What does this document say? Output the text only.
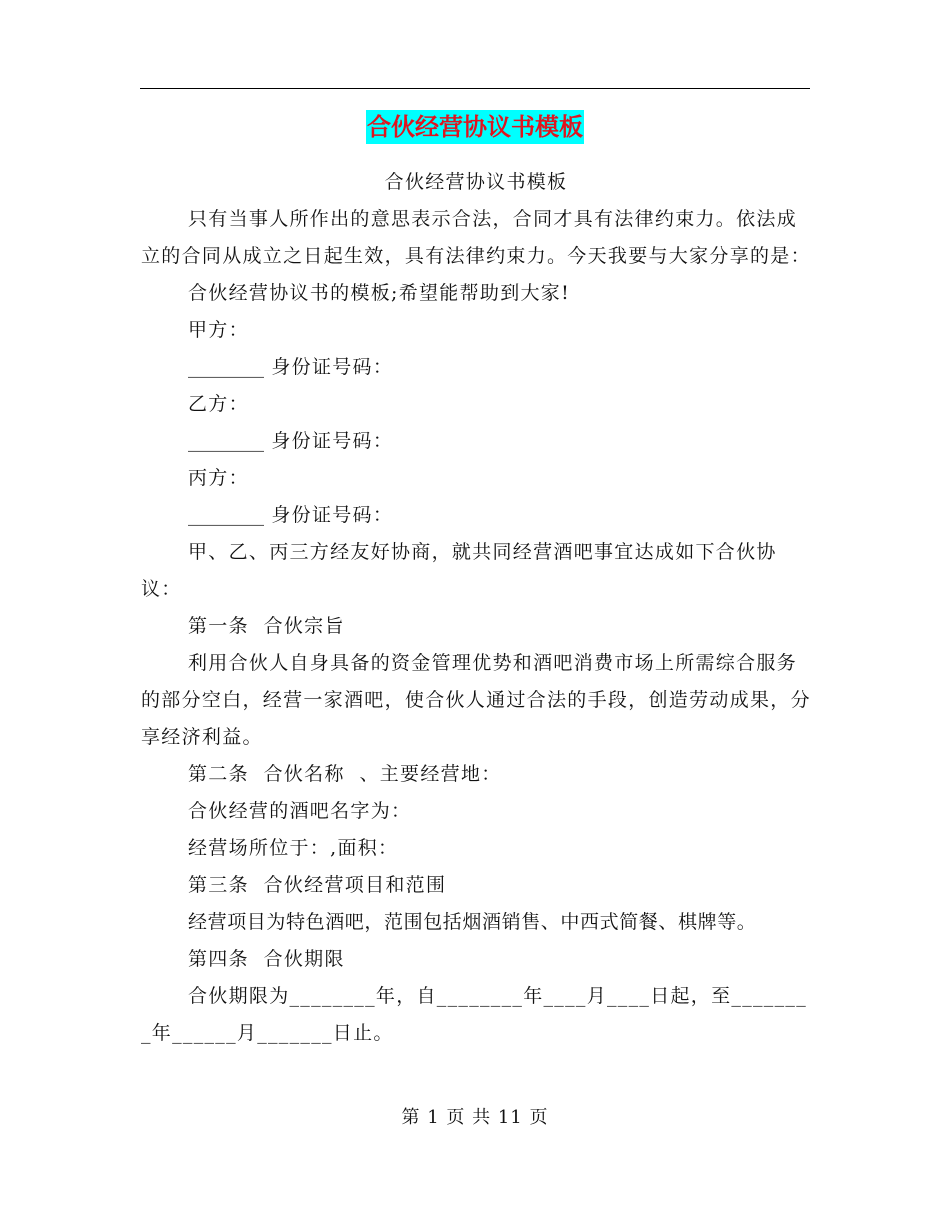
合伙经营协议书模板

合伙经营协议书模板

只有当事人所作出的意思表示合法，合同才具有法律约束力。依法成立的合同从成立之日起生效，具有法律约束力。今天我要与大家分享的是：

合伙经营协议书的模板;希望能帮助到大家!

甲方：

________ 身份证号码：

乙方：

________ 身份证号码：

丙方：

________ 身份证号码：

甲、乙、丙三方经友好协商，就共同经营酒吧事宜达成如下合伙协议：

第一条  合伙宗旨

利用合伙人自身具备的资金管理优势和酒吧消费市场上所需综合服务的部分空白，经营一家酒吧，使合伙人通过合法的手段，创造劳动成果，分享经济利益。

第二条  合伙名称  、主要经营地：

合伙经营的酒吧名字为：

经营场所位于：,面积：

第三条  合伙经营项目和范围

经营项目为特色酒吧，范围包括烟酒销售、中西式简餐、棋牌等。

第四条  合伙期限

合伙期限为________年，自________年____月____日起，至________年______月_______日止。

第 1 页 共 11 页
